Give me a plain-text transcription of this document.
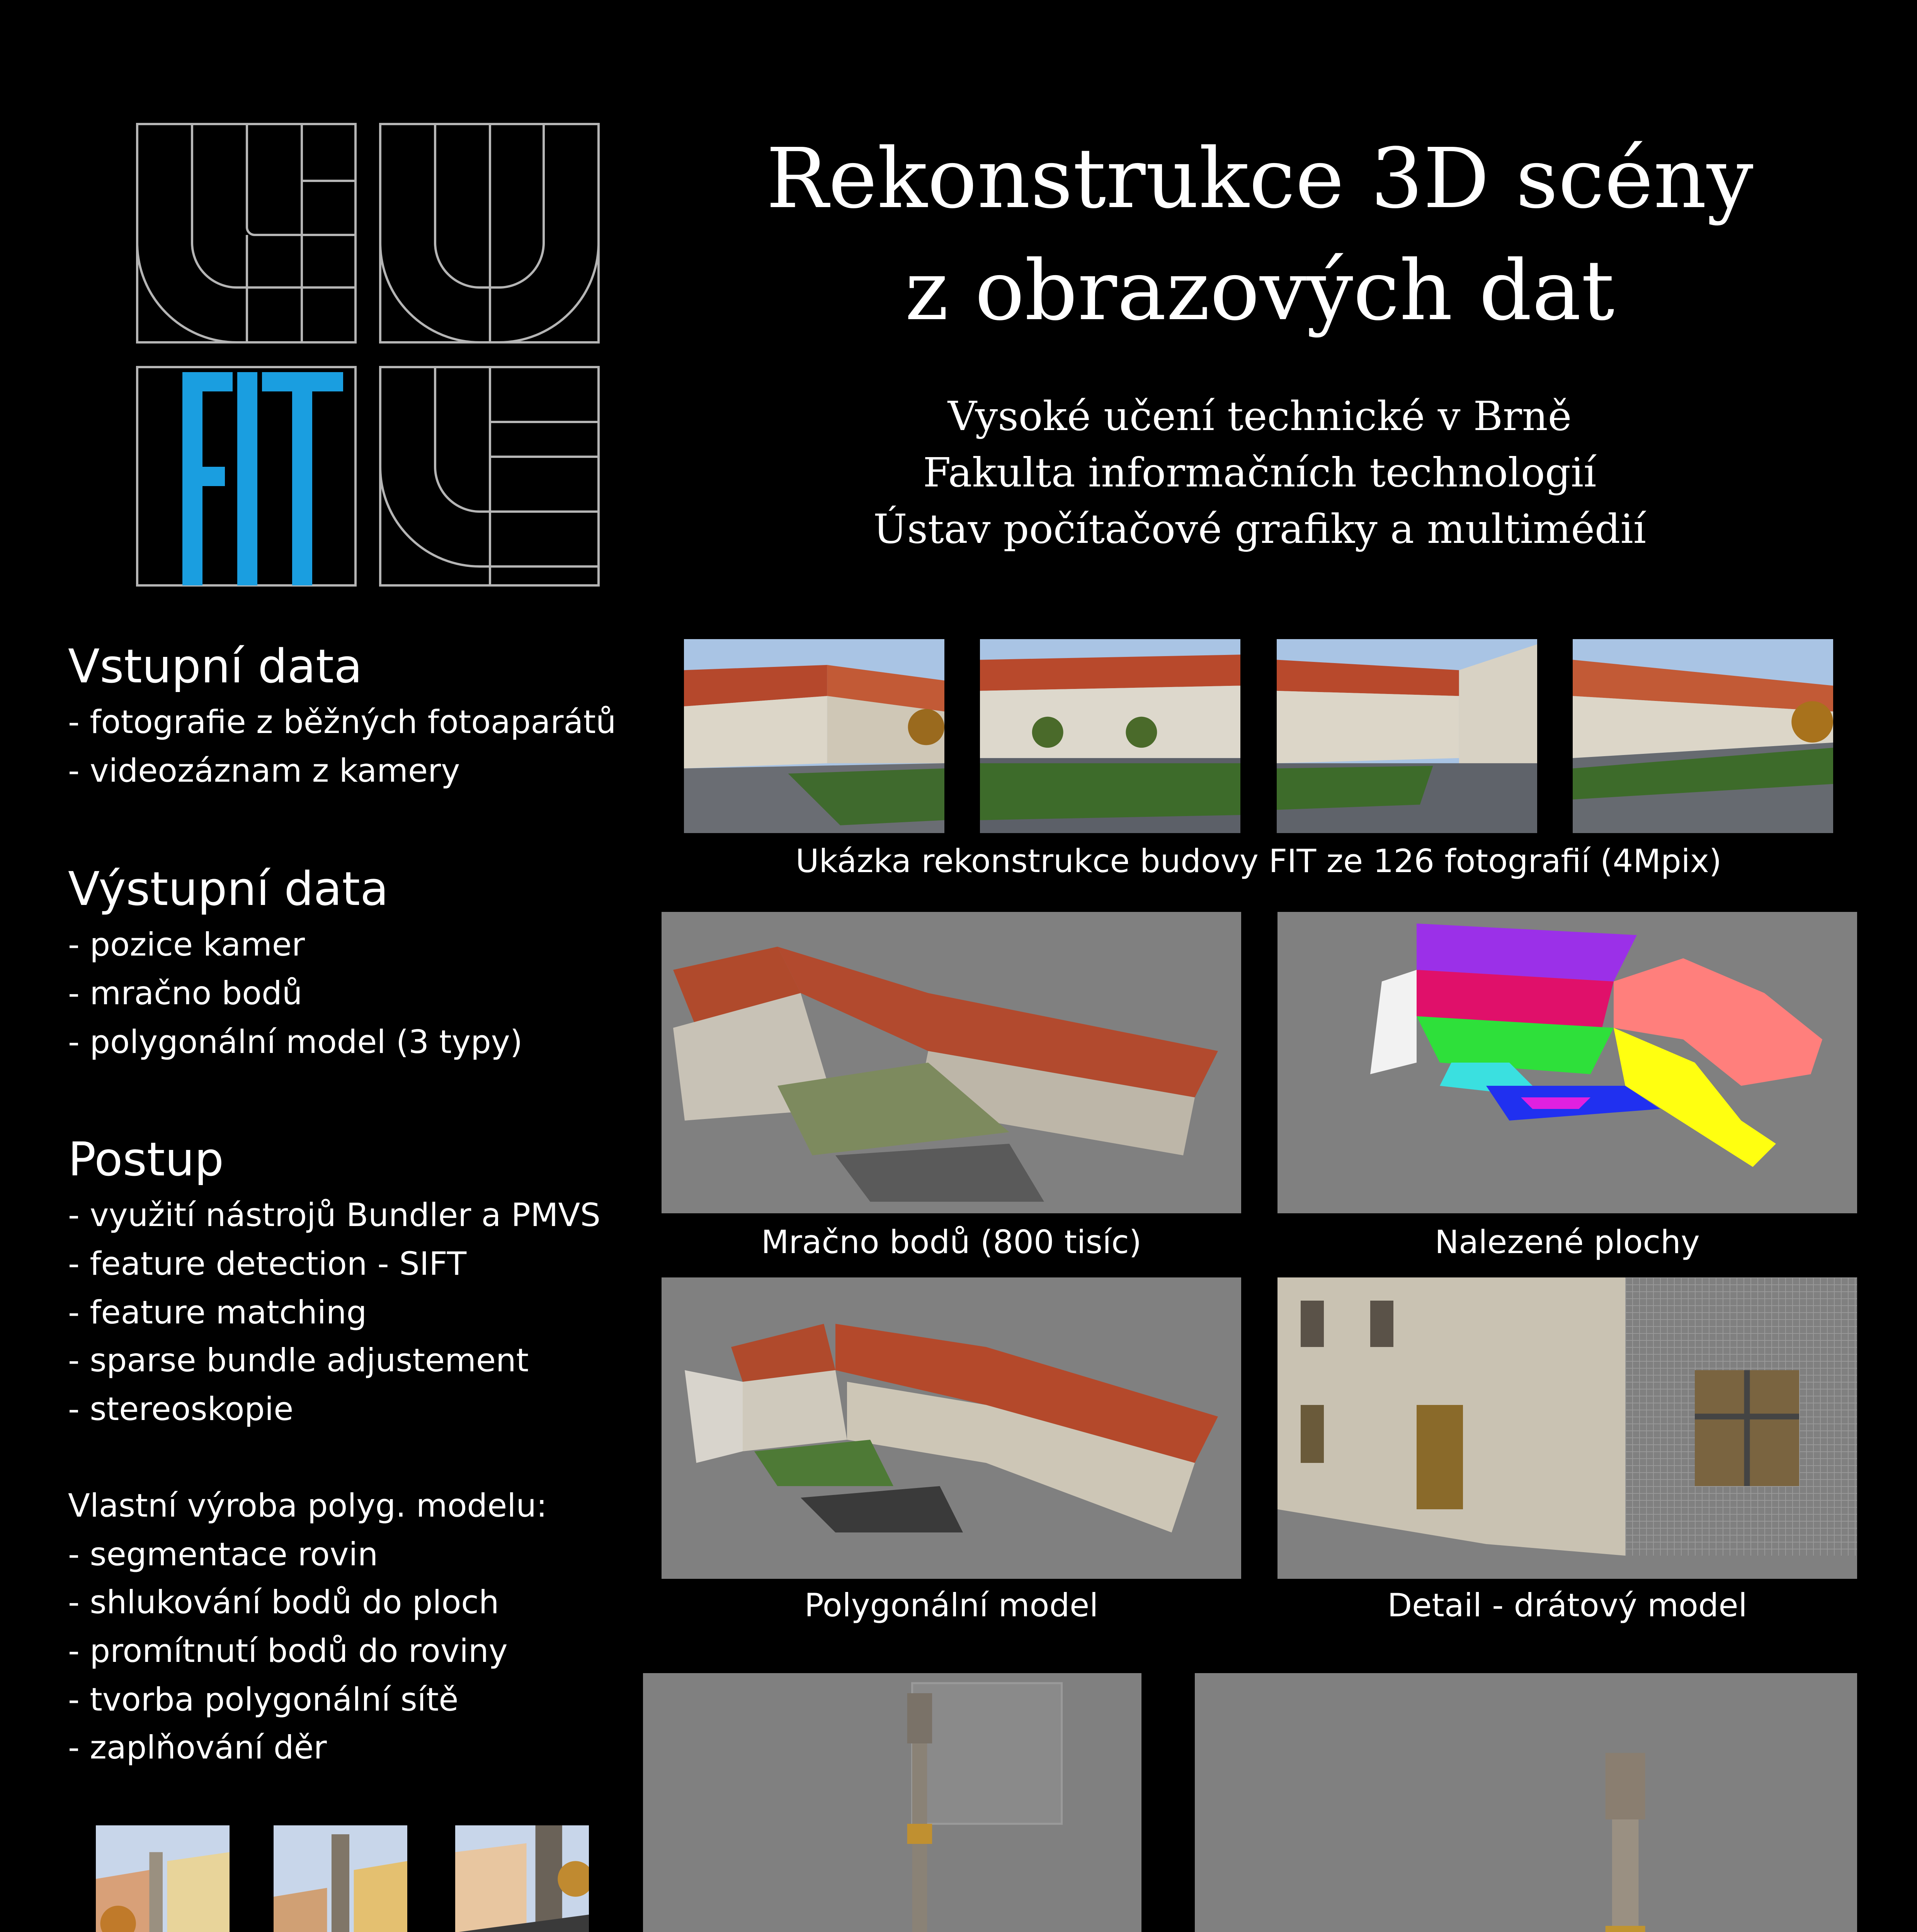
Rekonstrukce 3D scény
z obrazových dat
Vysoké učení technické v Brně
Fakulta informačních technologií
Ústav počítačové grafiky a multimédií
Vstupní data
- fotografie z běžných fotoaparátů
- videozáznam z kamery
Výstupní data
- pozice kamer
- mračno bodů
- polygonální model (3 typy)
Postup
- využití nástrojů Bundler a PMVS
- feature detection - SIFT
- feature matching
- sparse bundle adjustement
- stereoskopie
Vlastní výroba polyg. modelu:
- segmentace rovin
- shlukování bodů do ploch
- promítnutí bodů do roviny
- tvorba polygonální sítě
- zaplňování děr
Ukázka rekonstrukce budovy FIT ze 126 fotografií (4Mpix)
Mračno bodů (800 tisíc)	Nalezené plochy
Polygonální model	Detail - drátový model
